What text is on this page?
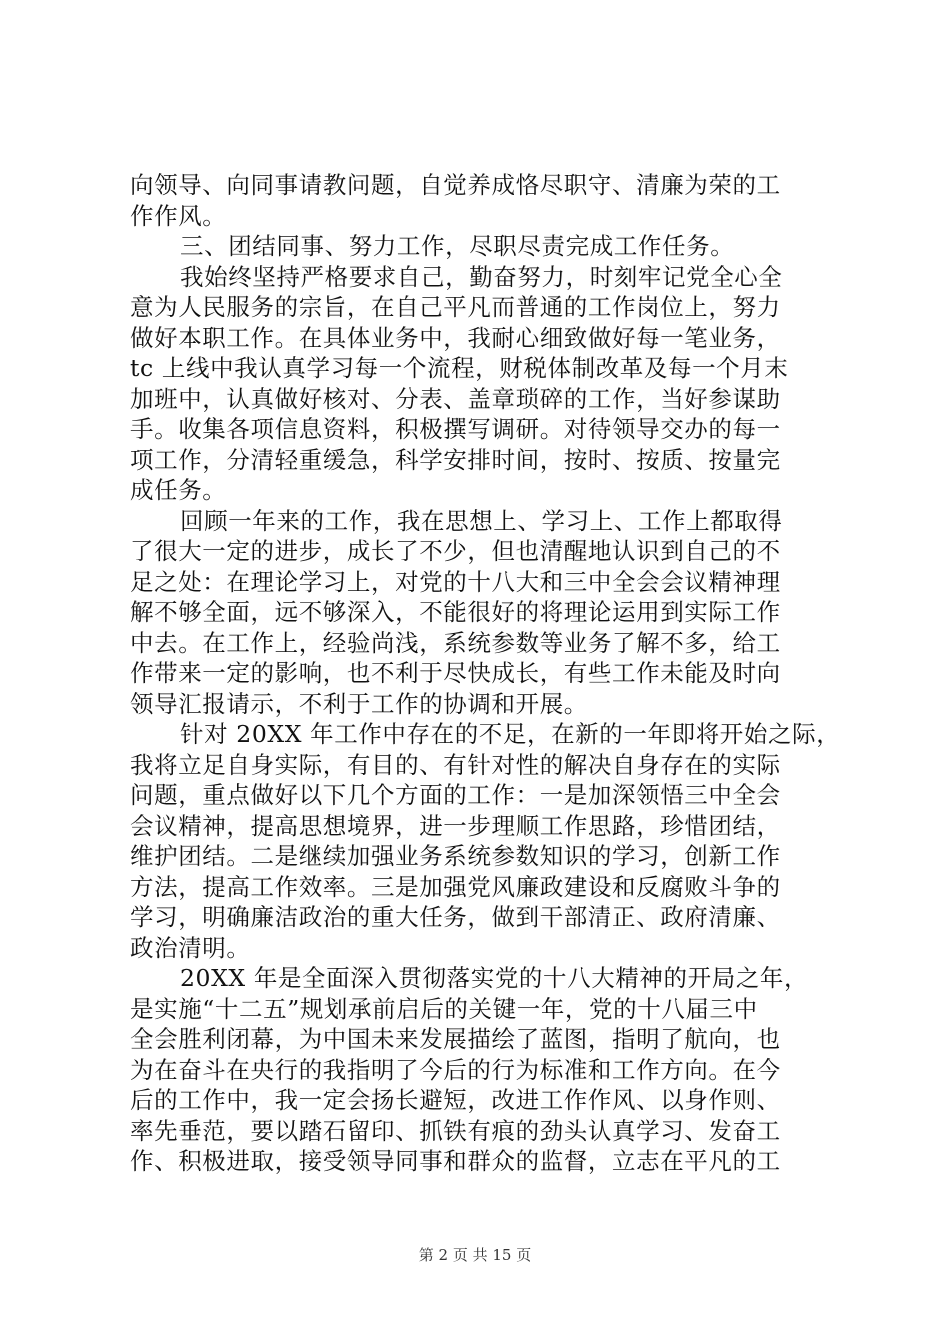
向领导、向同事请教问题，自觉养成恪尽职守、清廉为荣的工
作作风。
三、团结同事、努力工作，尽职尽责完成工作任务。
我始终坚持严格要求自己，勤奋努力，时刻牢记党全心全
意为人民服务的宗旨，在自己平凡而普通的工作岗位上，努力
做好本职工作。在具体业务中，我耐心细致做好每一笔业务，
tc 上线中我认真学习每一个流程，财税体制改革及每一个月末
加班中，认真做好核对、分表、盖章琐碎的工作，当好参谋助
手。收集各项信息资料，积极撰写调研。对待领导交办的每一
项工作，分清轻重缓急，科学安排时间，按时、按质、按量完
成任务。
回顾一年来的工作，我在思想上、学习上、工作上都取得
了很大一定的进步，成长了不少，但也清醒地认识到自己的不
足之处：在理论学习上，对党的十八大和三中全会会议精神理
解不够全面，远不够深入，不能很好的将理论运用到实际工作
中去。在工作上，经验尚浅，系统参数等业务了解不多，给工
作带来一定的影响，也不利于尽快成长，有些工作未能及时向
领导汇报请示，不利于工作的协调和开展。
针对 20XX 年工作中存在的不足，在新的一年即将开始之际，
我将立足自身实际，有目的、有针对性的解决自身存在的实际
问题，重点做好以下几个方面的工作：一是加深领悟三中全会
会议精神，提高思想境界，进一步理顺工作思路，珍惜团结，
维护团结。二是继续加强业务系统参数知识的学习，创新工作
方法，提高工作效率。三是加强党风廉政建设和反腐败斗争的
学习，明确廉洁政治的重大任务，做到干部清正、政府清廉、
政治清明。
20XX 年是全面深入贯彻落实党的十八大精神的开局之年，
是实施“十二五”规划承前启后的关键一年，党的十八届三中
全会胜利闭幕，为中国未来发展描绘了蓝图，指明了航向，也
为在奋斗在央行的我指明了今后的行为标准和工作方向。在今
后的工作中，我一定会扬长避短，改进工作作风、以身作则、
率先垂范，要以踏石留印、抓铁有痕的劲头认真学习、发奋工
作、积极进取，接受领导同事和群众的监督，立志在平凡的工
第 2 页 共 15 页
